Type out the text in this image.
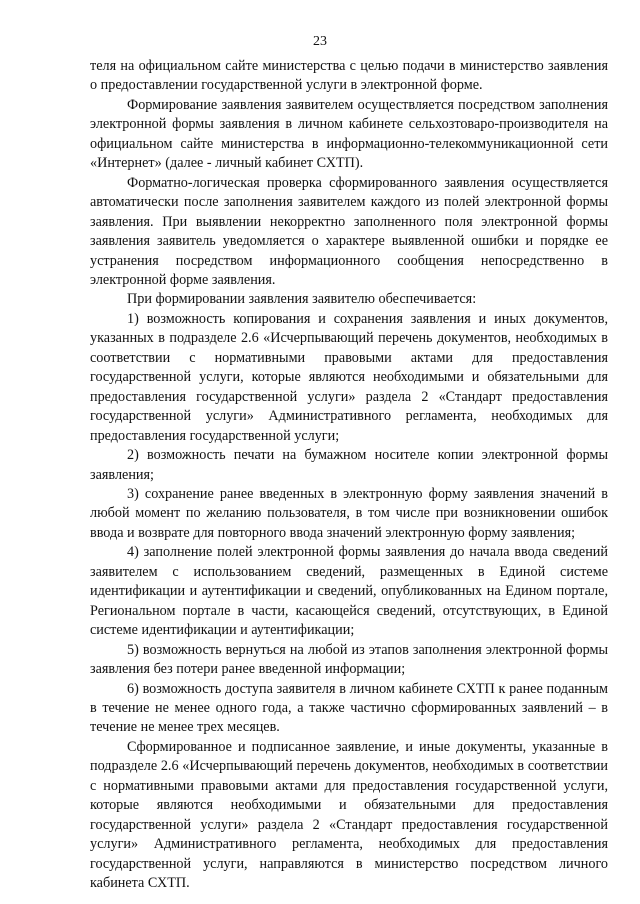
23

теля на официальном сайте министерства с целью подачи в министерство заявления о предоставлении государственной услуги в электронной форме.

Формирование заявления заявителем осуществляется посредством заполнения электронной формы заявления в личном кабинете сельхозтоваро-производителя на официальном сайте министерства в информационно-телекоммуникационной сети «Интернет» (далее - личный кабинет СХТП).

Форматно-логическая проверка сформированного заявления осуществляется автоматически после заполнения заявителем каждого из полей электронной формы заявления. При выявлении некорректно заполненного поля электронной формы заявления заявитель уведомляется о характере выявленной ошибки и порядке ее устранения посредством информационного сообщения непосредственно в электронной форме заявления.

При формировании заявления заявителю обеспечивается:

1) возможность копирования и сохранения заявления и иных документов, указанных в подразделе 2.6 «Исчерпывающий перечень документов, необходимых в соответствии с нормативными правовыми актами для предоставления государственной услуги, которые являются необходимыми и обязательными для предоставления государственной услуги» раздела 2 «Стандарт предоставления государственной услуги» Административного регламента, необходимых для предоставления государственной услуги;

2) возможность печати на бумажном носителе копии электронной формы заявления;

3) сохранение ранее введенных в электронную форму заявления значений в любой момент по желанию пользователя, в том числе при возникновении ошибок ввода и возврате для повторного ввода значений электронную форму заявления;

4) заполнение полей электронной формы заявления до начала ввода сведений заявителем с использованием сведений, размещенных в Единой системе идентификации и аутентификации и сведений, опубликованных на Едином портале, Региональном портале в части, касающейся сведений, отсутствующих, в Единой системе идентификации и аутентификации;

5) возможность вернуться на любой из этапов заполнения электронной формы заявления без потери ранее введенной информации;

6) возможность доступа заявителя в личном кабинете СХТП к ранее поданным в течение не менее одного года, а также частично сформированных заявлений – в течение не менее трех месяцев.

Сформированное и подписанное заявление, и иные документы, указанные в подразделе 2.6 «Исчерпывающий перечень документов, необходимых в соответствии с нормативными правовыми актами для предоставления государственной услуги, которые являются необходимыми и обязательными для предоставления государственной услуги» раздела 2 «Стандарт предоставления государственной услуги» Административного регламента, необходимых для предоставления государственной услуги, направляются в министерство посредством личного кабинета СХТП.
